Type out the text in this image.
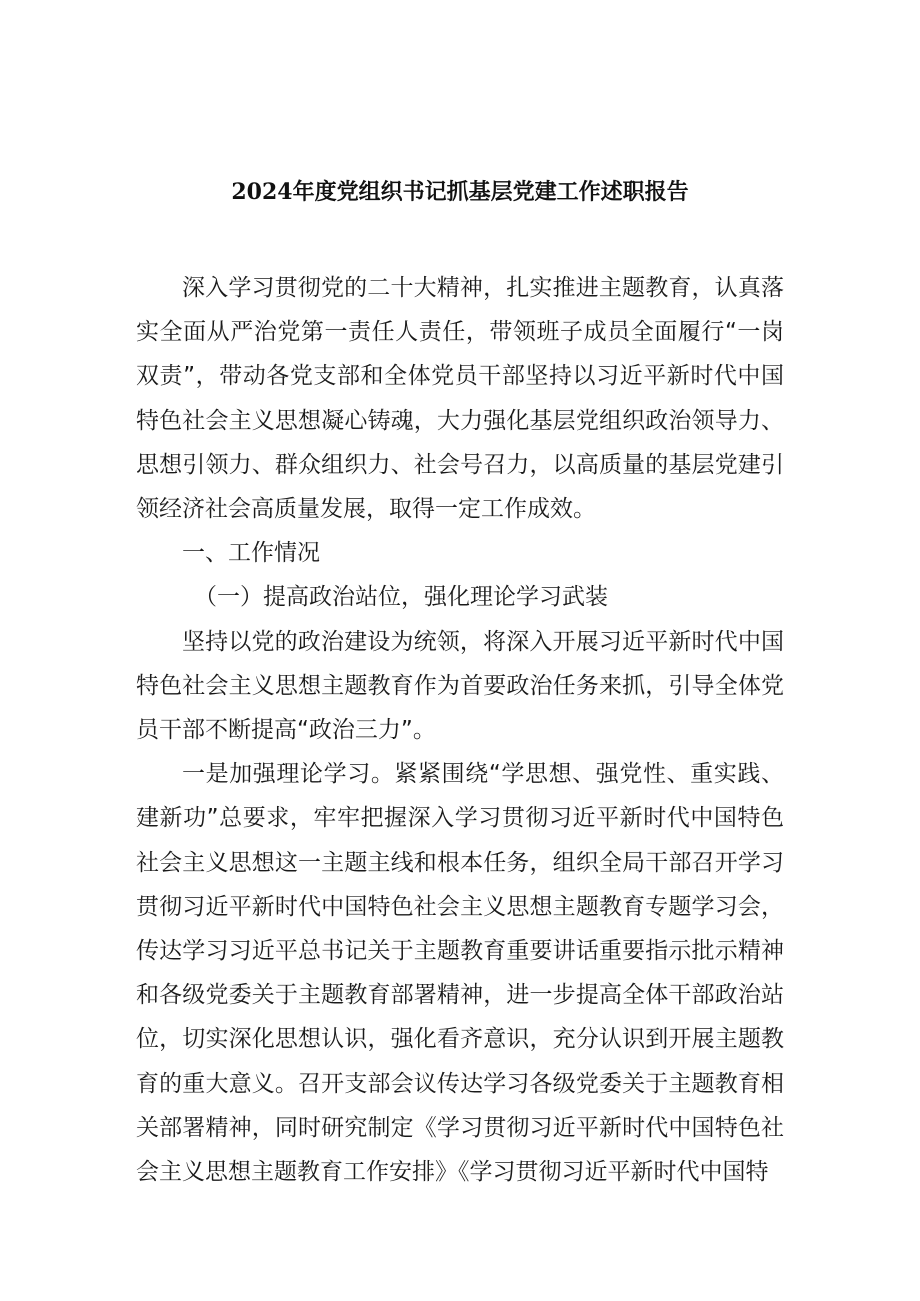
2024年度党组织书记抓基层党建工作述职报告

深入学习贯彻党的二十大精神，扎实推进主题教育，认真落实全面从严治党第一责任人责任，带领班子成员全面履行“一岗双责”，带动各党支部和全体党员干部坚持以习近平新时代中国特色社会主义思想凝心铸魂，大力强化基层党组织政治领导力、思想引领力、群众组织力、社会号召力，以高质量的基层党建引领经济社会高质量发展，取得一定工作成效。

一、工作情况

（一）提高政治站位，强化理论学习武装

坚持以党的政治建设为统领，将深入开展习近平新时代中国特色社会主义思想主题教育作为首要政治任务来抓，引导全体党员干部不断提高“政治三力”。

一是加强理论学习。紧紧围绕“学思想、强党性、重实践、建新功”总要求，牢牢把握深入学习贯彻习近平新时代中国特色社会主义思想这一主题主线和根本任务，组织全局干部召开学习贯彻习近平新时代中国特色社会主义思想主题教育专题学习会，传达学习习近平总书记关于主题教育重要讲话重要指示批示精神和各级党委关于主题教育部署精神，进一步提高全体干部政治站位，切实深化思想认识，强化看齐意识，充分认识到开展主题教育的重大意义。召开支部会议传达学习各级党委关于主题教育相关部署精神，同时研究制定《学习贯彻习近平新时代中国特色社会主义思想主题教育工作安排》《学习贯彻习近平新时代中国特
